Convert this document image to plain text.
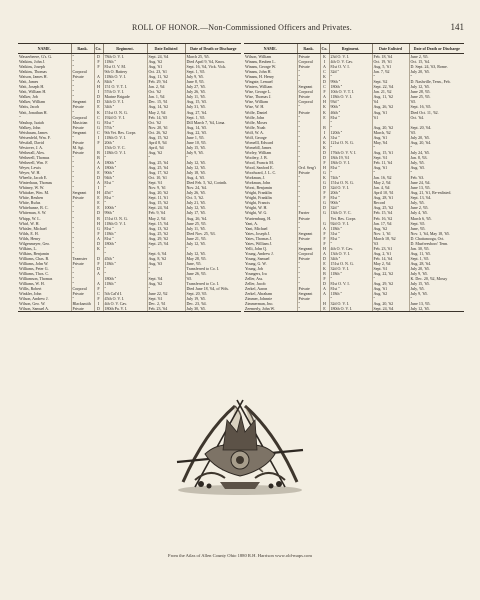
ROLL OF HONOR.—Non-Commissioned Officers and Privates.	141
NAME.	Rank.	Co.	Regiment.	Date Enlisted	Date of Death or Discharge
Wasserbeere, G's. G.	"	D	78th O. V. I.	Sept. 24, '64	March 25, '65.
Watkins, John J.	"	F	118th "	Aug. '62	Died April 9, '64, Knox.
Watkins, Joseph	"	F	81st O. V. M.	Aug. '61	Sept. 16, '64, Vick. Vick.
Watkins, Thomas	Corporal		9th O. Battery	Oct. 23, '61	Sept. 1, '65.
Watson, James H.	Private	A	118th O. V. I.	Aug. 11, '62	July 9, '65.
Watt, James	"	A	84th "	Feb. 29, '64	June 8, '65.
Watt, Joseph H.	"	H	151 O. V. T. I.	Jan. 2, '64	July 27, '65.
Watt, William H.	"	I	57th O. V. I.	Oct. '62	July 26, '65.
Walker, Job	"	D	Marine Brigade	Jan. 1, '64	July 11, '65.
Walker, William	Sergeant	D	34th O. V. I.	Dec. 15, '61	Aug. 15, '65.
Watts, Jacob	Private	E	34th "	Aug. 14, '62	July 31, '65.
Watt, Jonathan H.	"	K	151st O. N. G.	May 2, '64	Aug. 27, '64.
"	Corporal	C	192d O. V. I.	Feb. 14, '65	Sept. 1, '65.
Wauhop, Isaiah	Musician	G	81st "	Oct. '62	Dill March 7, '64, Lima.
Walkey, John	Private	G	57th "	Nov. 20, '61	Aug. 14, '65.
Weisbaum, James	Sergeant	C	9th Vet. Res. Corps	Oct. 26, '62	Aug. 22, '65.
Weisenfeld, Wm. F.	"	I	118th O. V. I.	Aug. 15, '62	June 1, '65.
Westfall, David	Private	F	20th "	April 8, '64	June 10, '65.
Westover, J. A.	M. Sgt.		15th O. V. C.	April, '64	July 15, '65.
Wetherall, Alex.	Private	B	118th O. V. I.	Aug. '62	July 9, '65.
Wetherell, Thomas	"	B	"	"	"
Wetherell, Wm. F.	"	A	180th "	Aug. 25, '64	July 12, '65.
Weyer, Lewis	"	A	180th "	Aug. 25, '64	July 12, '65.
Weyer, W. H.	"	E	90th "	Aug. 17, '62	July 18, '65.
Wheelir, Jacob E.	"	D	94th "	Oct. 10, '61	Aug. 4, '65.
Winterhaus, Thomas	"	A	81st "	Sept. '61	Died Feb. 5, '62, Corinth.
Whitney, W. W.	"	I	"	Nov. 9, '61	Nov. 24, '64.
Whitaker, Wm. M.	Sergeant	H	45d "	Aug. 20, '62	July 26, '65.
White, Reuben	Private	E	81st "	Sept. 11, '61	Oct. 5, '62.
White, Rufus	"	E	"	Aug. 15, '62	July 21, '65.
Whitehunse, B. C.	"	E	100th "	Sept. 24, '64	July 12, '65.
Whiteman, S. W.	"	D	99th "	Feb. 9, '64	July 17, '65.
Whipp, W. L.	"	B	151st O. N. G.	May 2, '64	Aug. 26, '64.
Whirl, W. H.	"	H	118th O. V. I.	Sept. 15, '64	June 25, '65.
Whisler, Michael	"	G	81st "	Aug. 13, '62	July 11, '65.
Wilds, E. H.	"	F	118th "	Aug. 25, '62	Died Nov. 25, '63.
Wilds, Henry	"	A	81st "	Aug. 29, '62	June 21, '65.
Wilgenmeyer, Geo.	"	D	180th "	Sept. 25, '64	July 12, '65.
Wilkins, L.	"	K	"	"	"
Wilkins, Benjamin	"		"	Sept. 6, '64	July 12, '65.
Williams, Chas. B.	Teamster	D	45th "	Aug. 8, '62	May 28, '65.
Williams, John W.	Private	F	118th "	Aug. '63	June, '65.
Williams, Peter G.	"	D	"	"	Transferred to Co. I.
Williams, Thos. C.	"	A	"	"	June 26, '65.
Williamson, Thomas	"		180th "	Sept. '64	'65.
Williams, W. H.	"	A	118th "	Aug. '62	Transferred to Co. I.
Willis, Robert	Corporal	F	"	"	Died June 18, '64, of Wds.
Winkler, John	Private	C	5th Cal'd I.	June 22, '62	Sept. 20, '65.
Wilson, Andrew J.	"	F	45th O. V. I.	Sept. '61	July 19, '65.
Wilson, Geo. W.	Blacksmith	I	4th O. V. Cav.	Dec. 2, '61	Dec. 23, '64.
Wilson, Samuel A.	Private	D	180th Pa. V. I.	Feb. 23, '64	July 30, '65.
NAME.	Rank.	Co.	Regiment.	Date Enlisted	Date of Death or Discharge
Wilson, William	Private	K	23d O. V. I.	Feb. 18, '64	June 2, '65.
Winans, Reuben L.	Corporal	I	4th O. V. Cav.	Oct. 19, '61	Oct. 15, '64.
Winans, George W.	Private	A	81st O. V. I.	Aug. 5, '61	D. Sept. 24, '63, Rome.
Winans, John H.	"	C	32d "	Jan. 7, '62	July 20, '65.
Winans, H. Henry	"	K	"	"	"
Wingate, Lemuel	"	D	99th "	Sept. '62	D. Nashville, Tenn., Feb.
Winters, William	Sergeant	C	180th "	Sept. 22, '64	July 12, '65.
Wise, George L.	Corporal	F	10th O. V. T. I.	Jan. 21, '62	June 28, '65.
Wise, Thomas J.	Private	A	118th O. V. I.	Aug. 11, '62	June 25, '65.
Wise, William	Corporal	H	93d "	'64	'65.
Wise, W. H.	"	K	90th "	Aug. 26, '62	Sept. 16, '65.
Wolfe, Daniel	Private	K	46th "	Aug. '61	Died Oct. 11, '62.
Wolfe, John	"	E	81st "	'61	Oct. '64.
Wolfe, Moses	"		"		
Wolfe, Noah	"	B	"	Aug. 20, '62	Sept. 20, '64.
Wolf, W. A.	"	I	120th "	March, '62	'65.
Wolf, George	"	A	31st "	Aug. '61	July 20, '65.
Womelll, Edward	"	K	121st O. N. G.	May, '64	Aug. 20, '64.
Womeldl, James	"	K	"	"	"
Worley, William	"	D	176th O. V. V. I.	Aug. 15, '61	July 24, '65.
Woolery, J. B.	"	D	18th 19, '61	Sept. '61	Jan. 8, '63.
Wood, Francis M.	"	F	18th O. V. I.	Feb. 11, '64	July, '65.
Wood, Sanford E.	Ord. Serg't	H	81st "	Aug. '61	Aug. '65.
Woodward, J. L. C.	Private	G	"	"	"
Workman, J.	"	K	74th "	Jan. 16, '62	Feb. '63.
Workman, John	"	G	151st O. N. G.	May 2, '64	June 24, '64.
Worst, Benjamin	"	D	32d O. V. I.	Jan. 4, '64	June 13, '65.
Wright, Franklin	"	F	20th "	April 10, '61	Aug. 21, '61, Re-enlisted.
Wright, Franklin	"	F	81st "	Aug. 28, '61	Sept. 13, '64.
Wright, Francis	"	G	90th "	Record	July, '65.
Wright, W. H.	"	D	32d "	Aug. 25, '62	June 2, '65.
Wright, W. G.	Farrier	G	13th O. V. C.	Feb. 15, '64	July 4, '65.
Wurtemburg, H.	Private		Vet. Res. Corps	Feb. 16, '62	March 6, '65.
Yant, A.	"	G	92d O. V. I.	Jan. 17, '64	Sept. '65.
Yant, Michael	"	A	118th "	Aug. '62	June, '65.
Yates, Joseph J.	Sergeant	F	31st "	Nov. 1, '61	Nov. 1, '64, May 18, '65.
Yates, Thomas J.	Private	F	81st "	March 18, '62	D. Chattanooga, Oct.
Yates, William J.	"	F	"	'63	D. Murfreesboro' Tenn.
Yelli, John Q.	Sergeant	H	4th O. V. Cav.	Feb. 23, '61	Jan. 30, '65.
Young, Andrew J.	Corporal	A	13th O. V. I.	Aug. 2, '61	Aug. 11, '65.
Young, Samuel	Private	D	34th "	Feb. 14, '64	Sept. 1, '65.
Young, G. W.	"	E	151st O. N. G.	May 2, '64	Aug. 28, '64.
Young, Job	"	K	32d O. V. I.	Sept. '61	July 20, '65.
Youngers, Ira	"	B	118th "	Aug. 22, '62	July 9, '65.
Zeller, Ass.	"	F	"	"	K. Dec. 20, '62, Mossy
Zeller, Jacob	"	D	81st O. V. I.	Aug. 29, '62	July 15, '65.
Zerkel, Aaron	Private	A	81st "	Aug. '61	July, '65.
Zerkel, Abraham	Sergeant	A	118th "	Aug. '62	July 9, '65.
Zimmer, Johnnie	Private		"	"	"
Zimmerman, Jno.	"	H	32d O. V. I.	Aug. 20, '62	June 13, '65.
Zeemerly, John W.	"	E	180th O. V. I.	Sept. 24, '64	July 12, '65.
From the Atlas of Allen County Ohio 1880 R.H. Harrison www.old-maps.com
